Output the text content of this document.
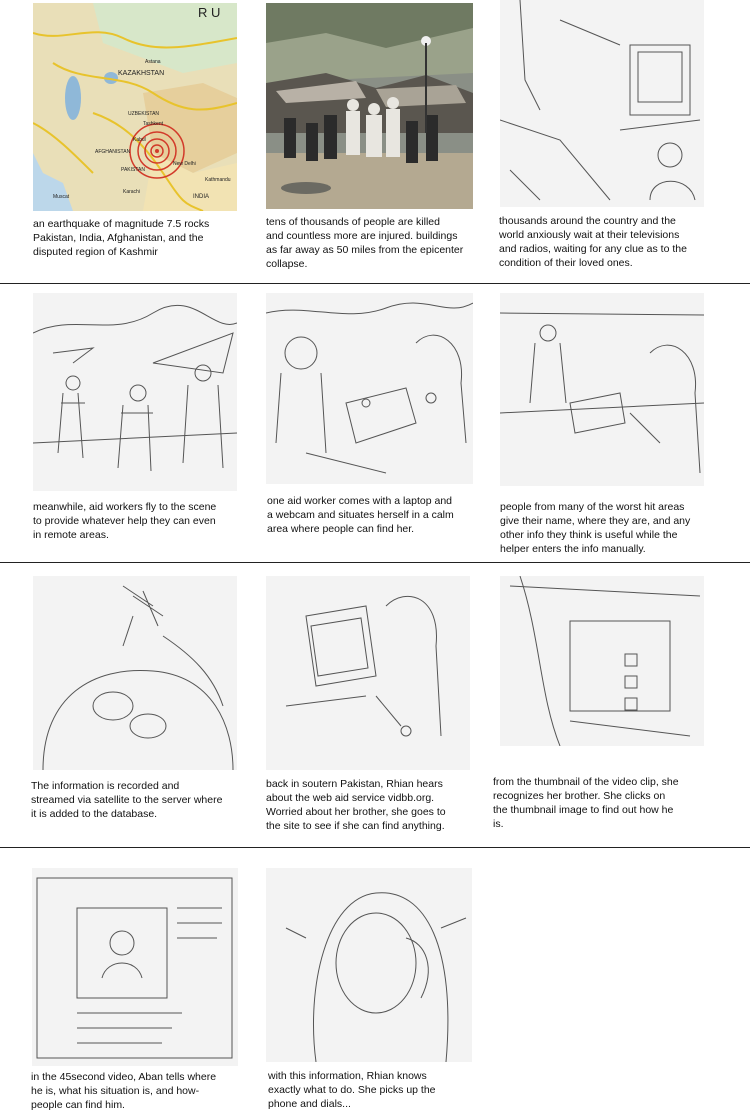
R U
KAZAKHSTAN
Astana
UZBEKISTAN
Tashkent
AFGHANISTAN
PAKISTAN
Kabul
New Delhi
Karachi
Muscat	INDIA
Kathmandu
an earthquake of magnitude 7.5 rocks
Pakistan, India, Afghanistan, and the
disputed region of Kashmir
tens of thousands of people are killed
and countless more are injured. buildings
as far away as 50 miles from the epicenter
collapse.
thousands around the country and the
world anxiously wait at their televisions
and radios, waiting for any clue as to the
condition of their loved ones.
meanwhile, aid workers fly to the scene
to provide whatever help they can even
in remote areas.
one aid worker comes with a laptop and
a webcam and situates herself in a calm
area where people can find her.
people from many of the worst hit areas
give their name, where they are, and any
other info they think is useful while the
helper enters the info manually.
The information is recorded and
streamed via satellite to the server where
it is added to the database.
back in soutern Pakistan, Rhian hears
about the web aid service vidbb.org.
Worried about her brother, she goes to
the site to see if she can find anything.
from the thumbnail of the video clip, she
recognizes her brother. She clicks on
the thumbnail image to find out how he
is.
in the 45second video, Aban tells where
he is, what his situation is, and how-
people can find him.
with this information, Rhian knows
exactly what to do. She picks up the
phone and dials...
